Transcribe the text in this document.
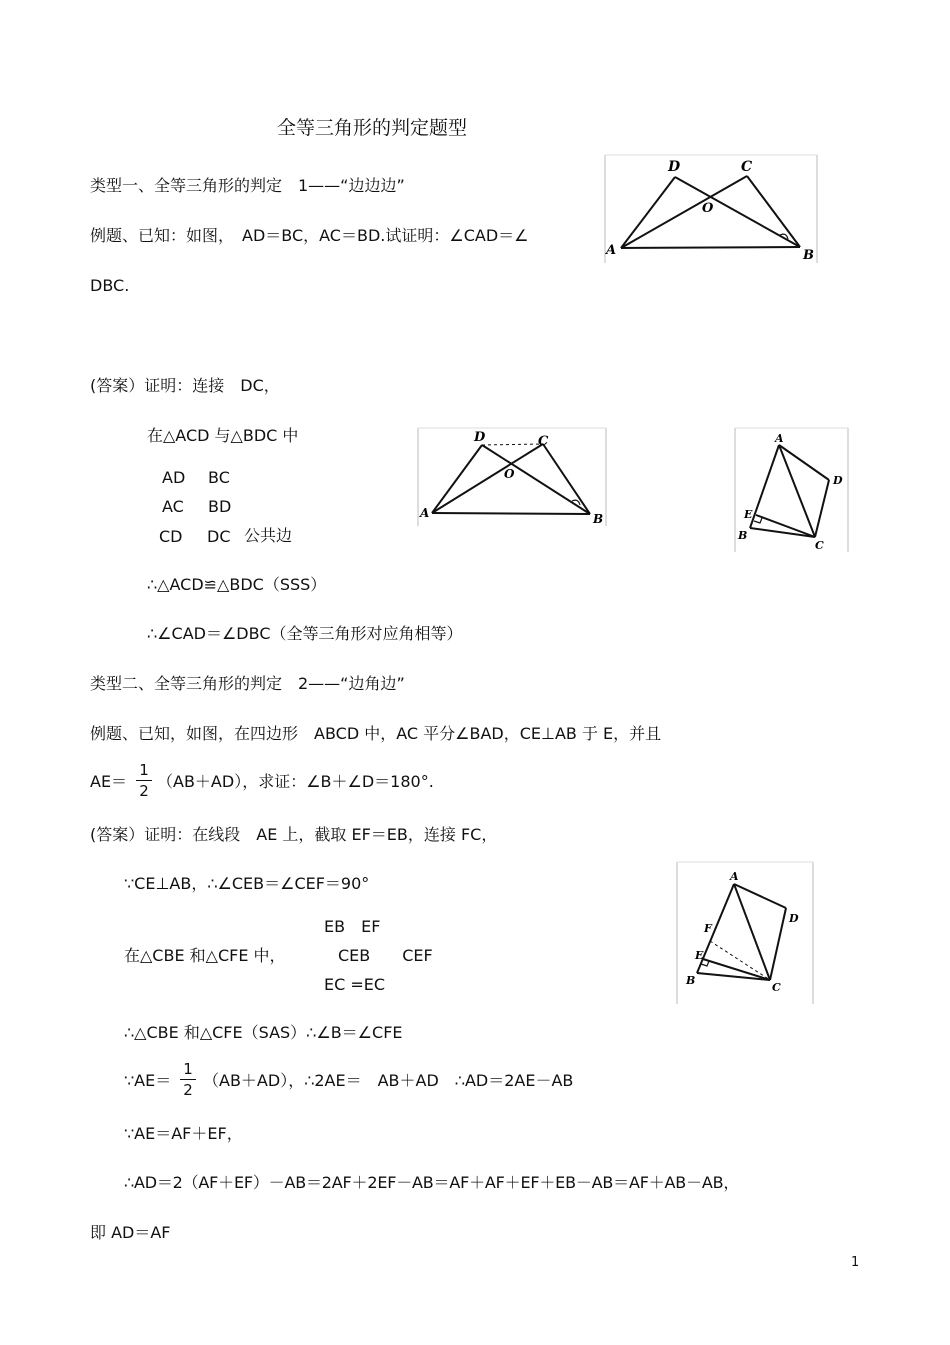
全等三角形的判定题型
类型一、全等三角形的判定　1——“边边边”
例题、已知：如图，　AD＝BC，AC＝BD.试证明：∠CAD＝∠
DBC.
(答案）证明：连接　DC，
在△ACD 与△BDC 中
AD BC
AC BD
CD DC 公共边
∴△ACD≌△BDC（SSS）
∴∠CAD＝∠DBC（全等三角形对应角相等）
类型二、全等三角形的判定　2——“边角边”
例题、已知，如图，在四边形　ABCD 中，AC 平分∠BAD，CE⊥AB 于 E，并且
AE＝
1
2 （AB＋AD），求证：∠B＋∠D＝180°.
(答案）证明：在线段　AE 上，截取 EF＝EB，连接 FC，
∵CE⊥AB，∴∠CEB＝∠CEF＝90°
EB　EF
在△CBE 和△CFE 中，	CEB　　CEF
EC =EC
∴△CBE 和△CFE（SAS）∴∠B＝∠CFE
∵AE＝
1
2 （AB＋AD），∴2AE＝　AB＋AD　∴AD＝2AE－AB
∵AE＝AF＋EF，
∴AD＝2（AF＋EF）－AB＝2AF＋2EF－AB＝AF＋AF＋EF＋EB－AB＝AF＋AB－AB，
即 AD＝AF
1
D	C
O
A	B
D	C
O
A	B
A
D
E
B
C
A
F
D
E
B
C
